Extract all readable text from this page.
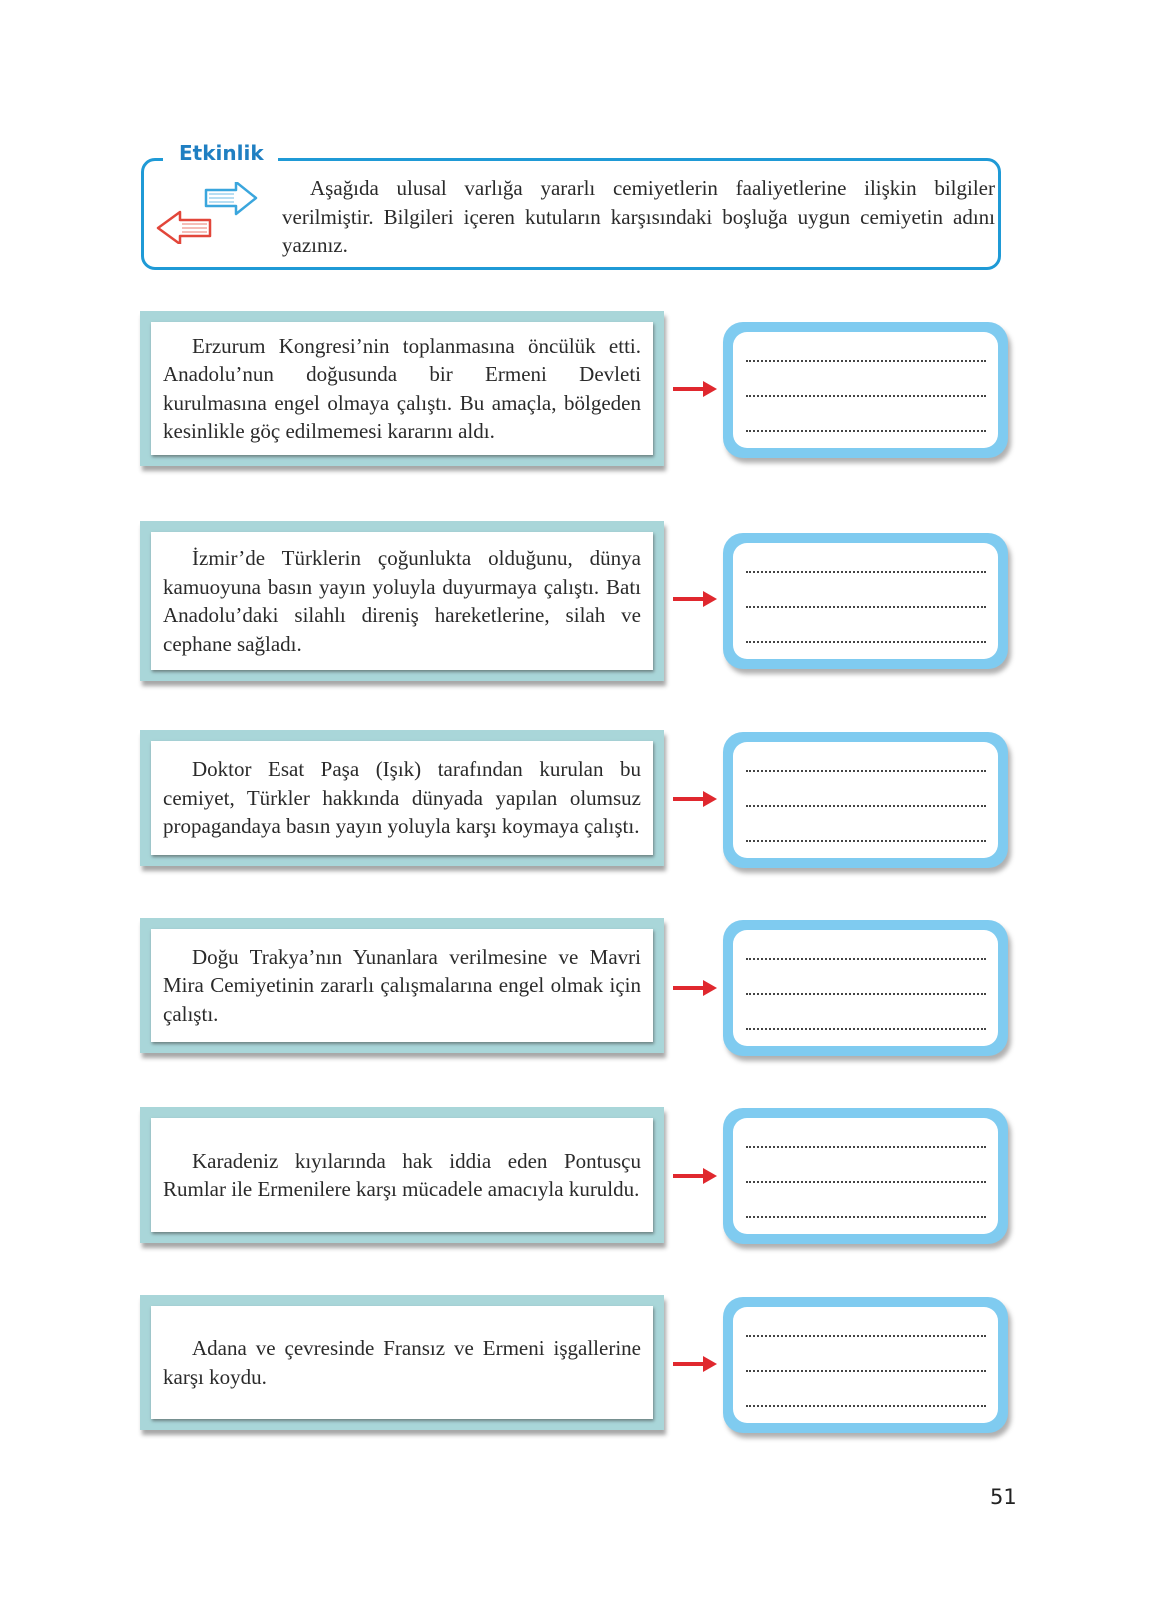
Etkinlik
Aşağıda ulusal varlığa yararlı cemiyetlerin faaliyetlerine ilişkin bilgiler verilmiştir. Bilgileri içeren kutuların karşısındaki boşluğa uygun cemiyetin adını yazınız.
Erzurum Kongresi’nin toplanmasına öncülük etti. Anadolu’nun doğusunda bir Ermeni Devleti kurulmasına engel olmaya çalıştı. Bu amaçla, bölgeden kesinlikle göç edilmemesi kararını aldı.
İzmir’de Türklerin çoğunlukta olduğunu, dünya kamuoyuna basın yayın yoluyla duyurmaya çalıştı. Batı Anadolu’daki silahlı direniş hareketlerine, silah ve cephane sağladı.
Doktor Esat Paşa (Işık) tarafından kurulan bu cemiyet, Türkler hakkında dünyada yapılan olumsuz propagandaya basın yayın yoluyla karşı koymaya çalıştı.
Doğu Trakya’nın Yunanlara verilmesine ve Mavri Mira Cemiyetinin zararlı çalışmalarına engel olmak için çalıştı.
Karadeniz kıyılarında hak iddia eden Pontusçu Rumlar ile Ermenilere karşı mücadele amacıyla kuruldu.
Adana ve çevresinde Fransız ve Ermeni işgallerine karşı koydu.
51
